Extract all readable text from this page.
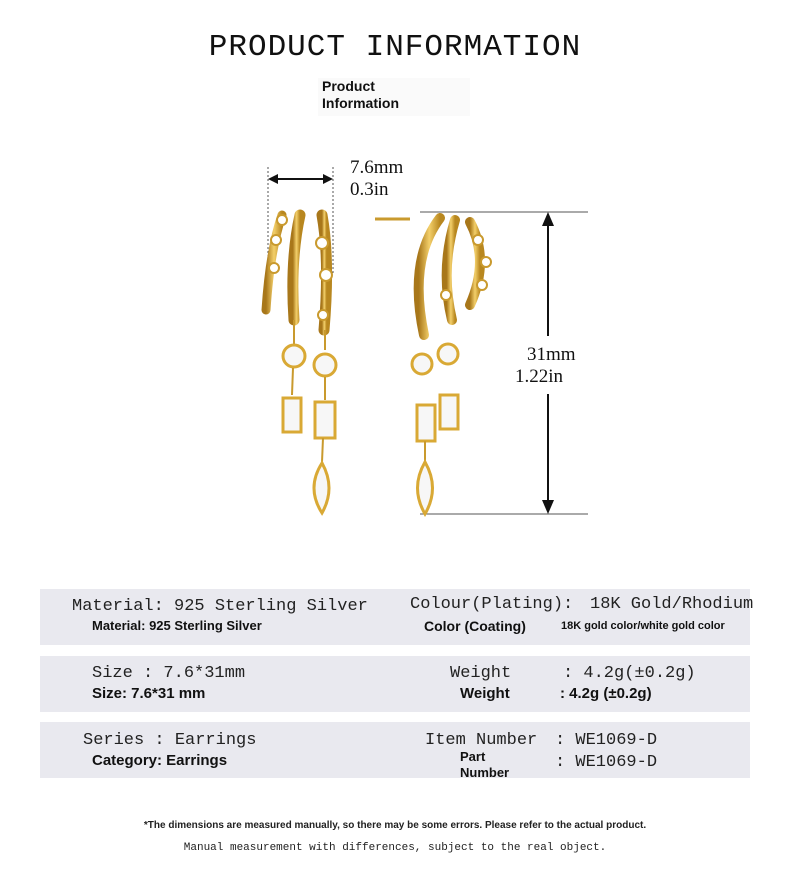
PRODUCT INFORMATION
Product
Information
7.6mm
0.3in
31mm
1.22in
Material: 925 Sterling Silver
Material: 925 Sterling Silver
Colour(Plating): 18K Gold/Rhodium
Color (Coating)	18K gold color/white gold color
Size : 7.6*31mm
Size: 7.6*31 mm
Weight	: 4.2g(±0.2g)
Weight	: 4.2g (±0.2g)
Series : Earrings
Category: Earrings
Item Number : WE1069-D
Part
Number
: WE1069-D
*The dimensions are measured manually, so there may be some errors. Please refer to the actual product.
Manual measurement with differences, subject to the real object.
